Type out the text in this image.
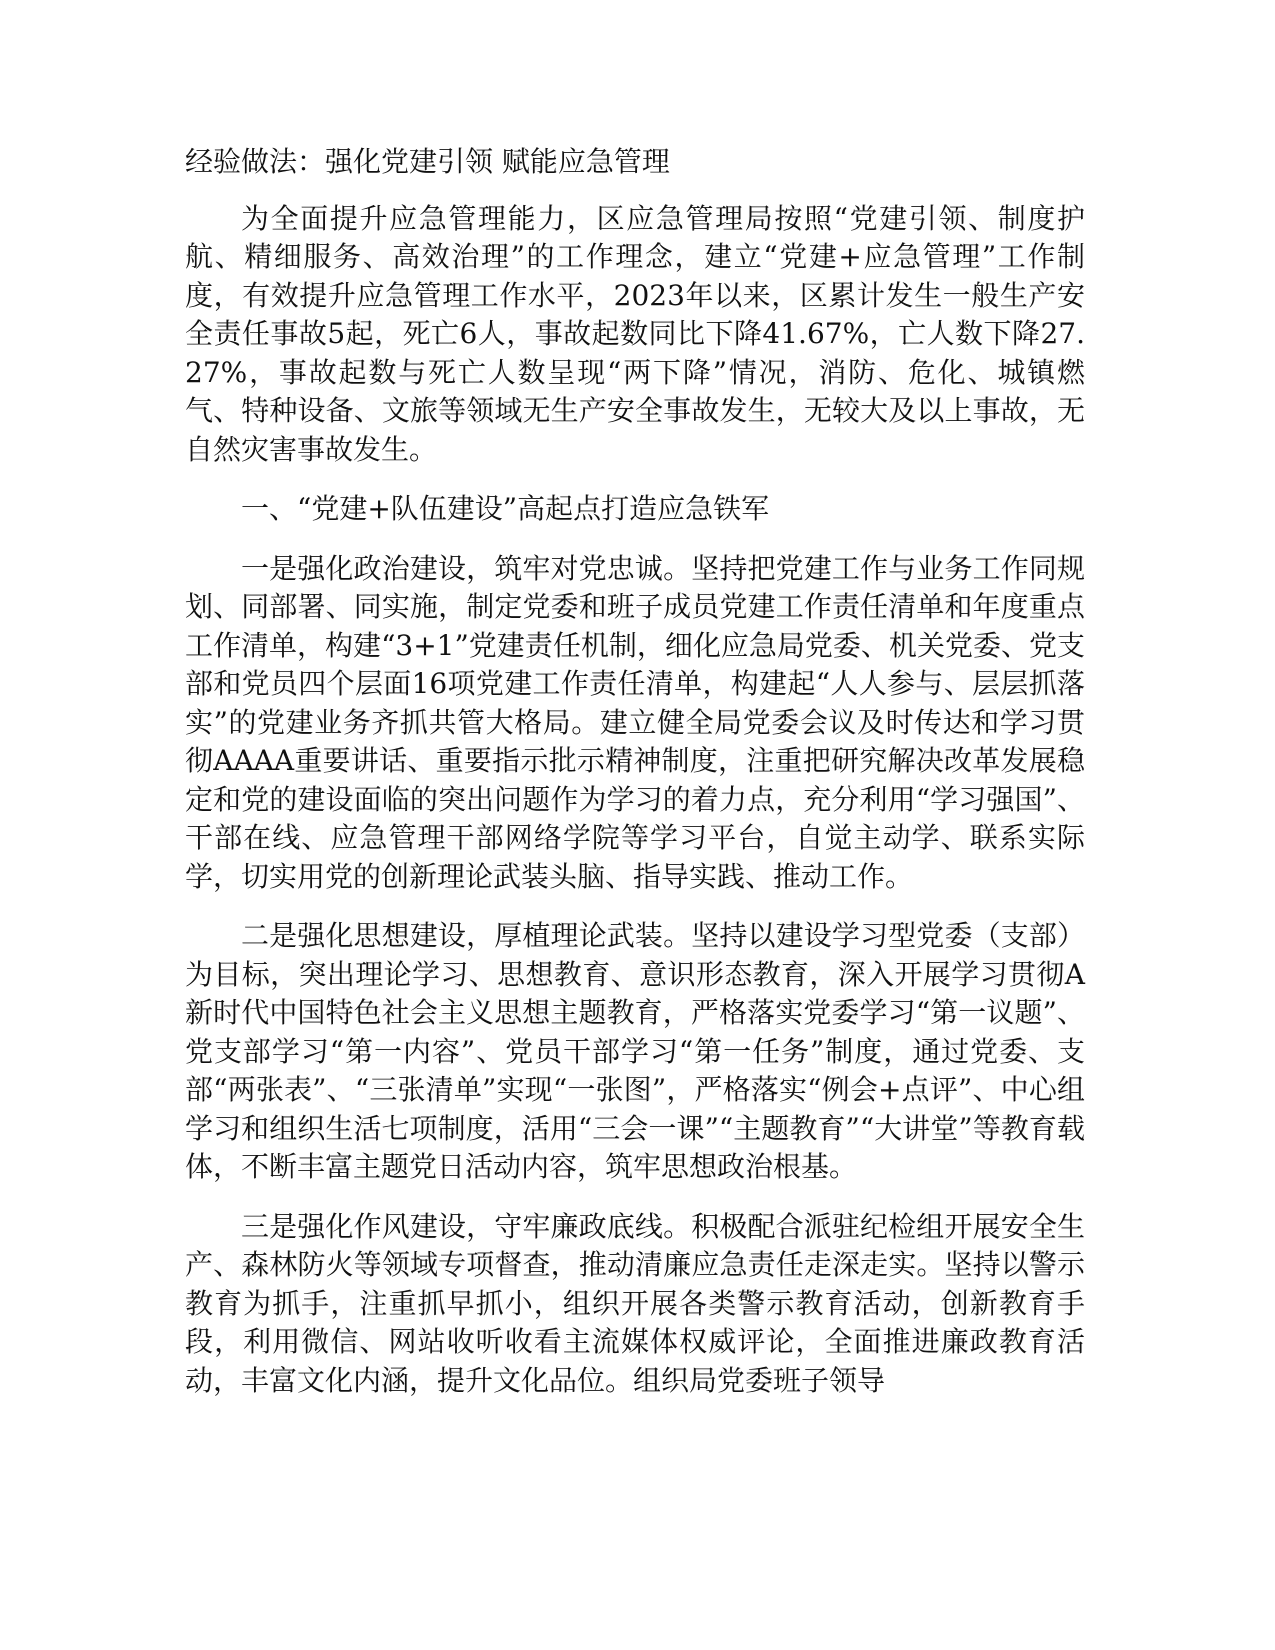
经验做法：强化党建引领 赋能应急管理

为全面提升应急管理能力，区应急管理局按照“党建引领、制度护航、精细服务、高效治理”的工作理念，建立“党建+应急管理”工作制度，有效提升应急管理工作水平，2023年以来，区累计发生一般生产安全责任事故5起，死亡6人，事故起数同比下降41.67%，亡人数下降27.27%，事故起数与死亡人数呈现“两下降”情况，消防、危化、城镇燃气、特种设备、文旅等领域无生产安全事故发生，无较大及以上事故，无自然灾害事故发生。

一、“党建+队伍建设”高起点打造应急铁军

一是强化政治建设，筑牢对党忠诚。坚持把党建工作与业务工作同规划、同部署、同实施，制定党委和班子成员党建工作责任清单和年度重点工作清单，构建“3+1”党建责任机制，细化应急局党委、机关党委、党支部和党员四个层面16项党建工作责任清单，构建起“人人参与、层层抓落实”的党建业务齐抓共管大格局。建立健全局党委会议及时传达和学习贯彻AAAA重要讲话、重要指示批示精神制度，注重把研究解决改革发展稳定和党的建设面临的突出问题作为学习的着力点，充分利用“学习强国”、干部在线、应急管理干部网络学院等学习平台，自觉主动学、联系实际学，切实用党的创新理论武装头脑、指导实践、推动工作。

二是强化思想建设，厚植理论武装。坚持以建设学习型党委（支部）为目标，突出理论学习、思想教育、意识形态教育，深入开展学习贯彻A新时代中国特色社会主义思想主题教育，严格落实党委学习“第一议题”、党支部学习“第一内容”、党员干部学习“第一任务”制度，通过党委、支部“两张表”、“三张清单”实现“一张图”，严格落实“例会+点评”、中心组学习和组织生活七项制度，活用“三会一课”“主题教育”“大讲堂”等教育载体，不断丰富主题党日活动内容，筑牢思想政治根基。

三是强化作风建设，守牢廉政底线。积极配合派驻纪检组开展安全生产、森林防火等领域专项督查，推动清廉应急责任走深走实。坚持以警示教育为抓手，注重抓早抓小，组织开展各类警示教育活动，创新教育手段，利用微信、网站收听收看主流媒体权威评论，全面推进廉政教育活动，丰富文化内涵，提升文化品位。组织局党委班子领导
